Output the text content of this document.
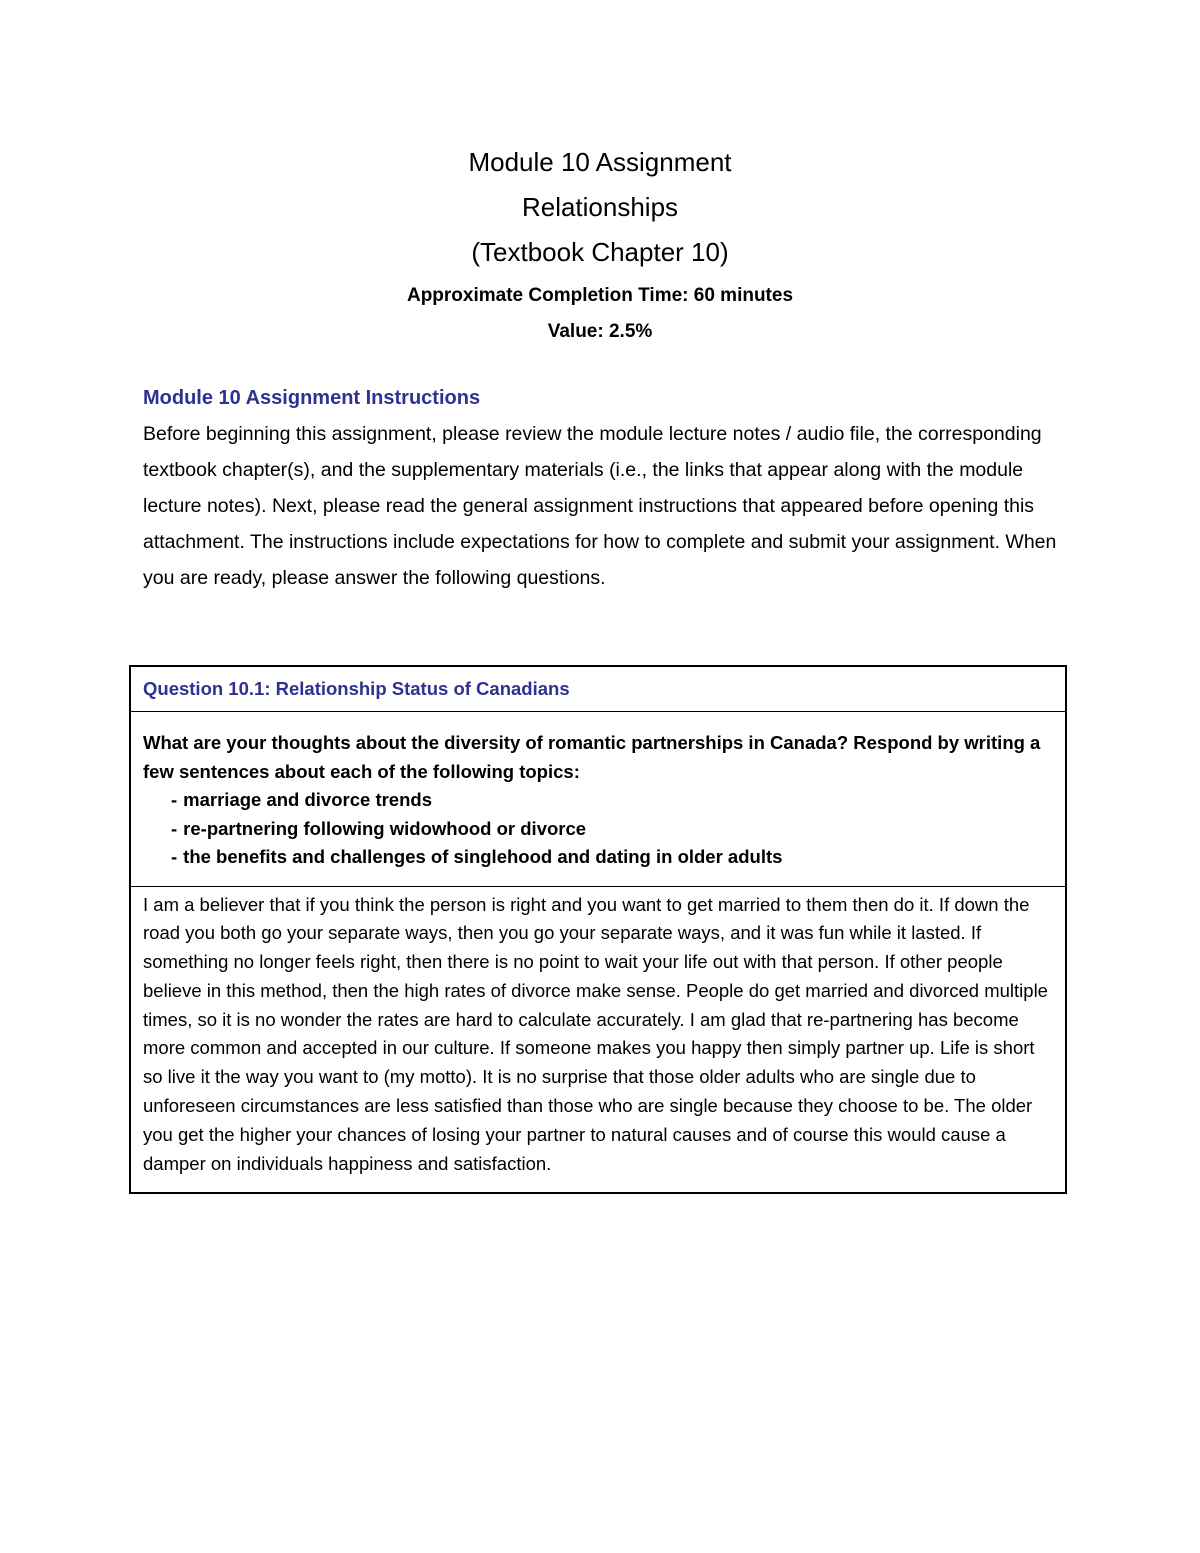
Module 10 Assignment

Relationships

(Textbook Chapter 10)

Approximate Completion Time: 60 minutes

Value: 2.5%

Module 10 Assignment Instructions

Before beginning this assignment, please review the module lecture notes / audio file, the corresponding textbook chapter(s), and the supplementary materials (i.e., the links that appear along with the module lecture notes). Next, please read the general assignment instructions that appeared before opening this attachment. The instructions include expectations for how to complete and submit your assignment. When you are ready, please answer the following questions.

Question 10.1: Relationship Status of Canadians

What are your thoughts about the diversity of romantic partnerships in Canada? Respond by writing a few sentences about each of the following topics:

- marriage and divorce trends
- re-partnering following widowhood or divorce
- the benefits and challenges of singlehood and dating in older adults

I am a believer that if you think the person is right and you want to get married to them then do it. If down the road you both go your separate ways, then you go your separate ways, and it was fun while it lasted. If something no longer feels right, then there is no point to wait your life out with that person. If other people believe in this method, then the high rates of divorce make sense. People do get married and divorced multiple times, so it is no wonder the rates are hard to calculate accurately. I am glad that re-partnering has become more common and accepted in our culture. If someone makes you happy then simply partner up. Life is short so live it the way you want to (my motto). It is no surprise that those older adults who are single due to unforeseen circumstances are less satisfied than those who are single because they choose to be. The older you get the higher your chances of losing your partner to natural causes and of course this would cause a damper on individuals happiness and satisfaction.
